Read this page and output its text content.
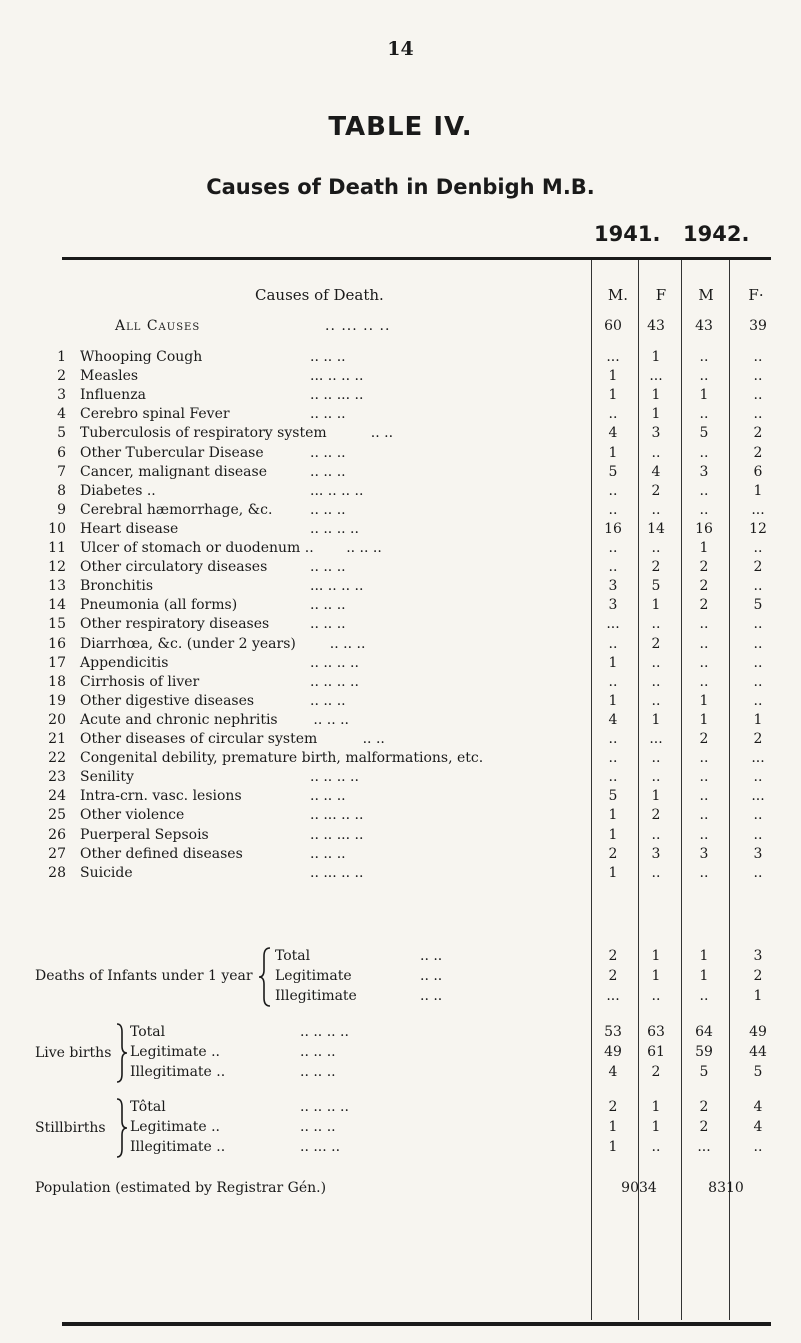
14
TABLE IV.
Causes of Death in Denbigh M.B.
1941. 1942.
Causes of Death.	M.	F	M	F·
All Causes	.. ... .. ..	60	43	43	39
1 Whooping Cough	.. .. ..	...	1	..	..
2 Measles	... .. .. ..	1	...	..	..
3 Influenza	.. .. ... ..	1	1	1	..
4 Cerebro spinal Fever	.. .. ..	..	1	..	..
5 Tuberculosis of respiratory system	.. ..	4	3	5	2
6 Other Tubercular Disease	.. .. ..	1	..	..	2
7 Cancer, malignant disease	.. .. ..	5	4	3	6
8 Diabetes ..	... .. .. ..	..	2	..	1
9 Cerebral hæmorrhage, &c.	.. .. ..	..	..	..	...
10 Heart disease	.. .. .. ..	16	14	16	12
11 Ulcer of stomach or duodenum .. .. .. ..	..	..	1	..
12 Other circulatory diseases	.. .. ..	..	2	2	2
13 Bronchitis	... .. .. ..	3	5	2	..
14 Pneumonia (all forms)	.. .. ..	3	1	2	5
15 Other respiratory diseases	.. .. ..	...	..	..	..
16 Diarrhœa, &c. (under 2 years) .. .. ..	..	2	..	..
17 Appendicitis	.. .. .. ..	1	..	..	..
18 Cirrhosis of liver	.. .. .. ..	..	..	..	..
19 Other digestive diseases	.. .. ..	1	..	1	..
20 Acute and chronic nephritis	.. .. ..	4	1	1	1
21 Other diseases of circular system	.. ..	..	...	2	2
22 Congenital debility, premature birth, malformations, etc.	..	..	..	...
23 Senility	.. .. .. ..	..	..	..	..
24 Intra-crn. vasc. lesions	.. .. ..	5	1	..	...
25 Other violence	.. ... .. ..	1	2	..	..
26 Puerperal Sepsois	.. .. ... ..	1	..	..	..
27 Other defined diseases	.. .. ..	2	3	3	3
28 Suicide	.. ... .. ..	1	..	..	..
Deaths of Infants under 1 year
Total	.. ..	2	1	1	3
Legitimate	.. ..	2	1	1	2
Illegitimate	.. ..	...	..	..	1
Live births
Total	.. .. .. ..	53	63	64	49
Legitimate ..	.. .. ..	49	61	59	44
Illegitimate ..	.. .. ..	4	2	5	5
Stillbirths
Tôtal	.. .. .. ..	2	1	2	4
Legitimate ..	.. .. ..	1	1	2	4
Illegitimate ..	.. ... ..	1	..	...	..
Population (estimated by Registrar Gén.)	9034	8310
